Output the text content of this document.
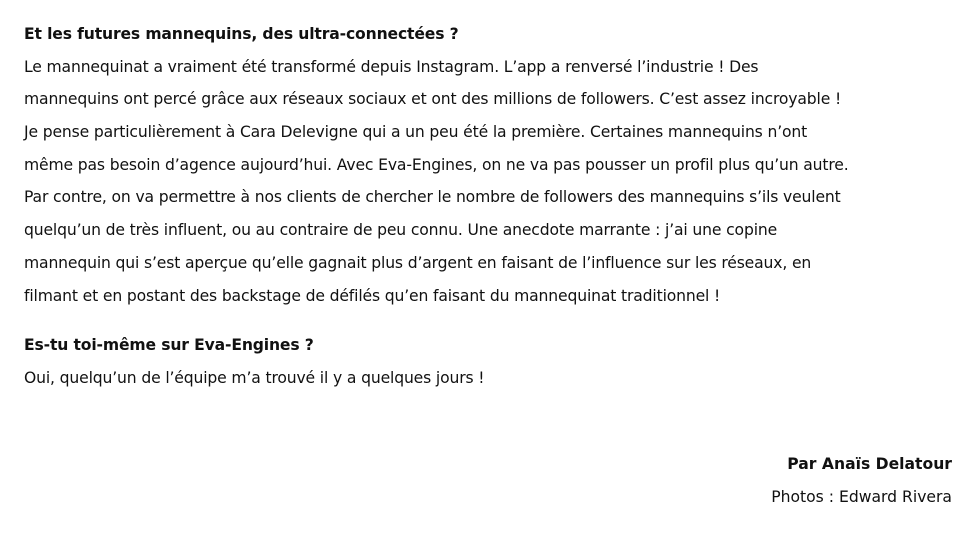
Et les futures mannequins, des ultra-connectées ?
Le mannequinat a vraiment été transformé depuis Instagram. L’app a renversé l’industrie ! Des
mannequins ont percé grâce aux réseaux sociaux et ont des millions de followers. C’est assez incroyable !
Je pense particulièrement à Cara Delevigne qui a un peu été la première. Certaines mannequins n’ont
même pas besoin d’agence aujourd’hui. Avec Eva-Engines, on ne va pas pousser un profil plus qu’un autre.
Par contre, on va permettre à nos clients de chercher le nombre de followers des mannequins s’ils veulent
quelqu’un de très influent, ou au contraire de peu connu. Une anecdote marrante : j’ai une copine
mannequin qui s’est aperçue qu’elle gagnait plus d’argent en faisant de l’influence sur les réseaux, en
filmant et en postant des backstage de défilés qu’en faisant du mannequinat traditionnel !
Es-tu toi-même sur Eva-Engines ?
Oui, quelqu’un de l’équipe m’a trouvé il y a quelques jours !
Par Anaïs Delatour
Photos : Edward Rivera
